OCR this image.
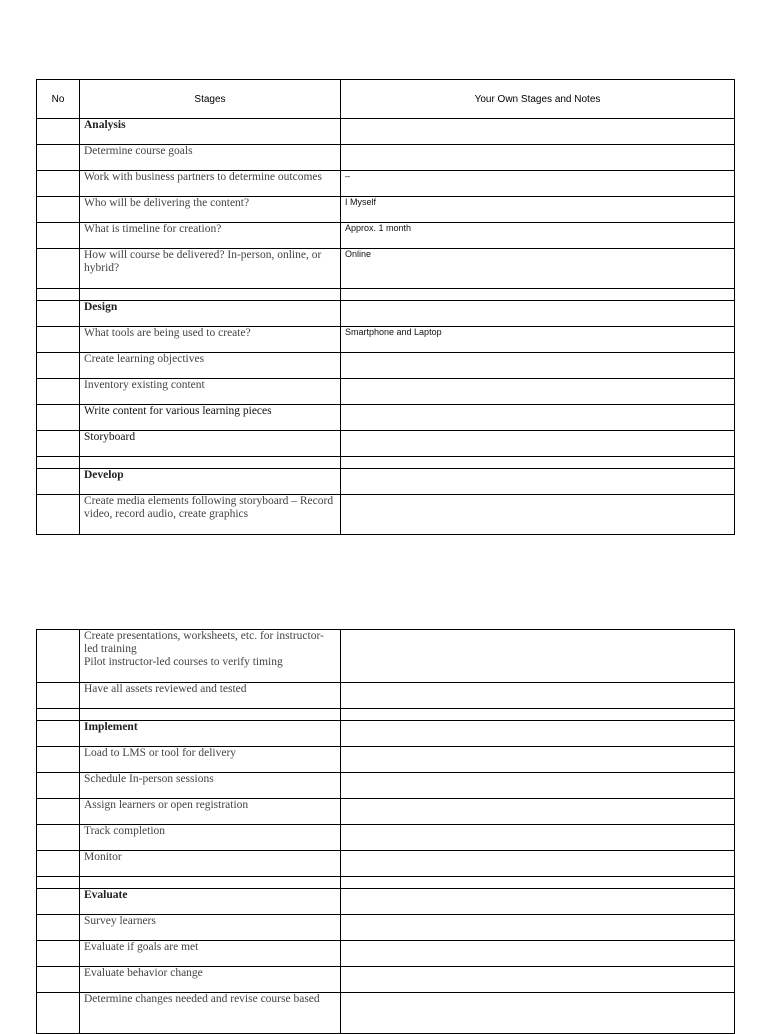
No	Stages	Your Own Stages and Notes
	Analysis	
	Determine course goals	
	Work with business partners to determine outcomes	–
	Who will be delivering the content?	I Myself
	What is timeline for creation?	Approx. 1 month
	How will course be delivered? In-person, online, or hybrid?	Online

	Design	
	What tools are being used to create?	Smartphone and Laptop
	Create learning objectives	
	Inventory existing content	
	Write content for various learning pieces	
	Storyboard	

	Develop	
	Create media elements following storyboard – Record video, record audio, create graphics	

	Create presentations, worksheets, etc. for instructor-led training
Pilot instructor-led courses to verify timing	

	Have all assets reviewed and tested	

	Implement	
	Load to LMS or tool for delivery	
	Schedule In-person sessions	
	Assign learners or open registration	
	Track completion	
	Monitor	

	Evaluate	
	Survey learners	
	Evaluate if goals are met	
	Evaluate behavior change	
	Determine changes needed and revise course based	
